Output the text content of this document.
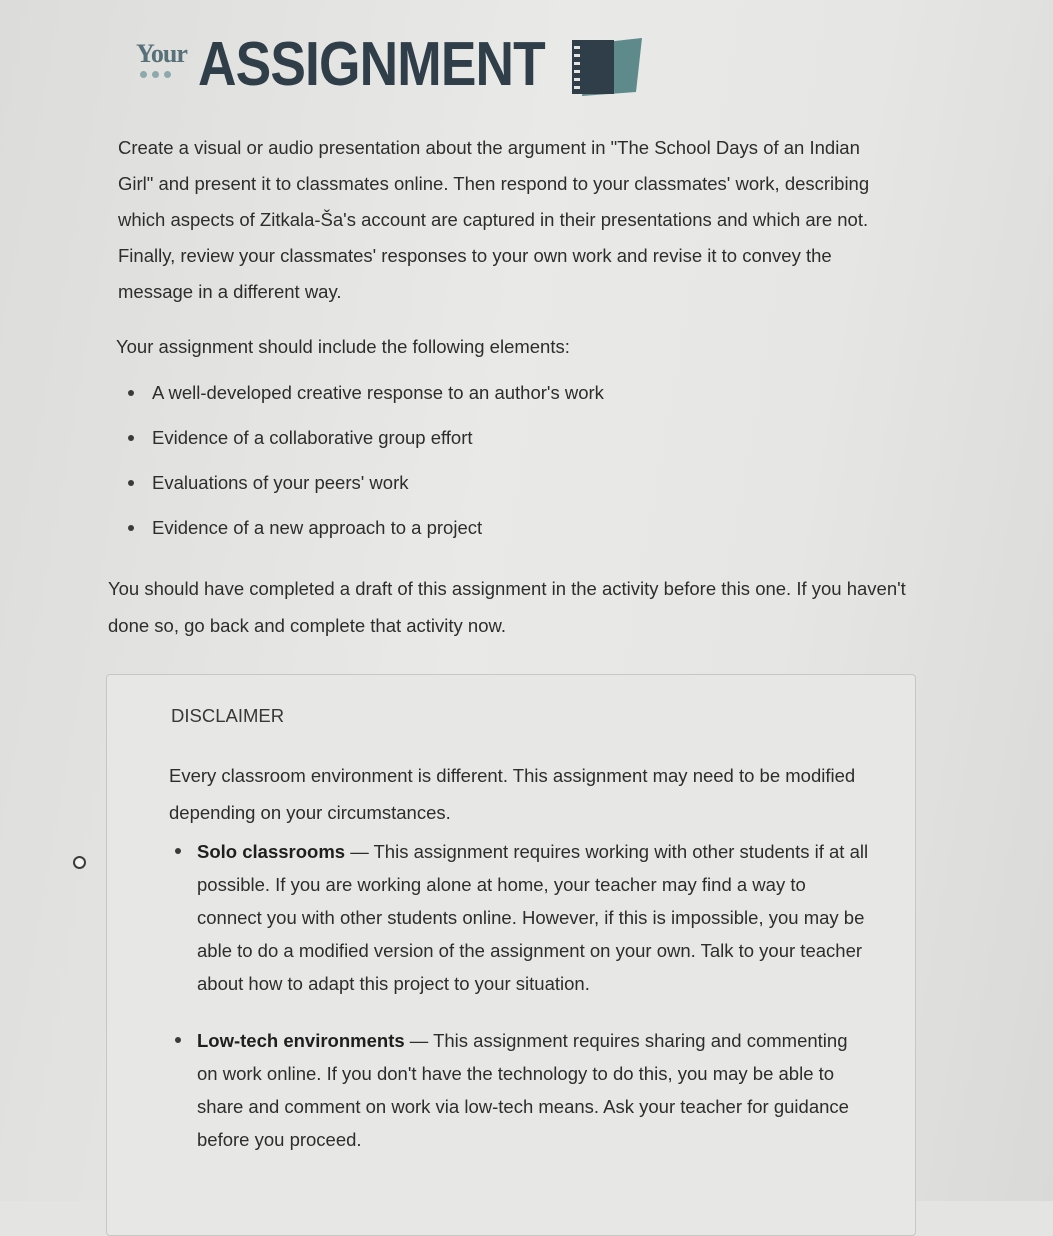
Your ASSIGNMENT

Create a visual or audio presentation about the argument in "The School Days of an Indian Girl" and present it to classmates online. Then respond to your classmates' work, describing which aspects of Zitkala-Šа's account are captured in their presentations and which are not. Finally, review your classmates' responses to your own work and revise it to convey the message in a different way.

Your assignment should include the following elements:

A well-developed creative response to an author's work
Evidence of a collaborative group effort
Evaluations of your peers' work
Evidence of a new approach to a project

You should have completed a draft of this assignment in the activity before this one. If you haven't done so, go back and complete that activity now.

DISCLAIMER

Every classroom environment is different. This assignment may need to be modified depending on your circumstances.

Solo classrooms — This assignment requires working with other students if at all possible. If you are working alone at home, your teacher may find a way to connect you with other students online. However, if this is impossible, you may be able to do a modified version of the assignment on your own. Talk to your teacher about how to adapt this project to your situation.
Low-tech environments — This assignment requires sharing and commenting on work online. If you don't have the technology to do this, you may be able to share and comment on work via low-tech means. Ask your teacher for guidance before you proceed.
